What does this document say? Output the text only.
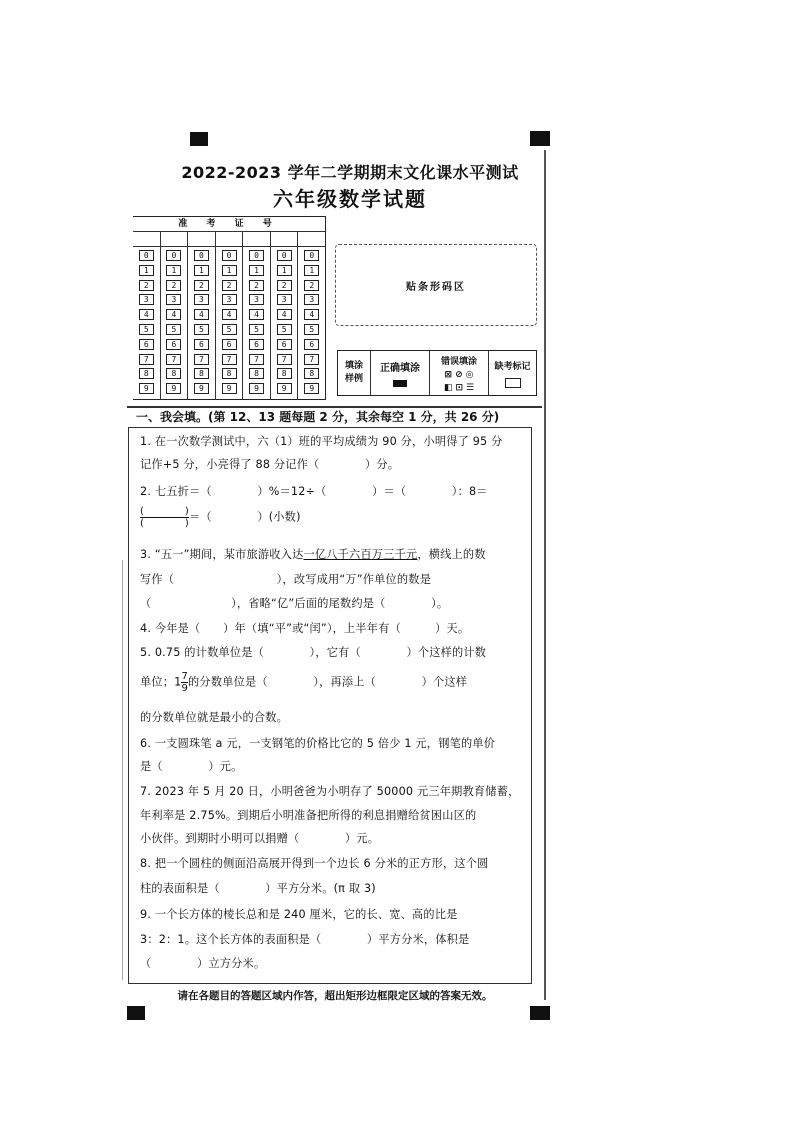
2022-2023 学年二学期期末文化课水平测试
六年级数学试题
准 考 证 号
0
1
2
3
4
5
6
7
8
9
0
1
2
3
4
5
6
7
8
9
0
1
2
3
4
5
6
7
8
9
0
1
2
3
4
5
6
7
8
9
0
1
2
3
4
5
6
7
8
9
0
1
2
3
4
5
6
7
8
9
0
1
2
3
4
5
6
7
8
9
贴条形码区
填涂样例
正确填涂
错误填涂
⊠ ⊘ ◎
◧ ⊡ ☰
缺考标记
一、我会填。(第 12、13 题每题 2 分，其余每空 1 分，共 26 分)
1. 在一次数学测试中，六（1）班的平均成绩为 90 分，小明得了 95 分
记作+5 分，小亮得了 88 分记作（　　　　）分。
2. 七五折＝（　　　　）%＝12÷（　　　　）＝（　　　　）：8＝
$\frac{( )}{( )}$ ＝（　　　　）(小数)
3. “五一”期间，某市旅游收入达一亿八千六百万三千元，横线上的数
写作（　　　　　　　　　），改写成用“万”作单位的数是
（　　　　　　　），省略“亿”后面的尾数约是（　　　　）。
4. 今年是（　　）年（填“平”或“闰”），上半年有（　　　）天。
5. 0.75 的计数单位是（　　　　），它有（　　　　）个这样的计数
单位；$1 \frac{7}{9}$ 的分数单位是（　　　　），再添上（　　　　）个这样
的分数单位就是最小的合数。
6. 一支圆珠笔 a 元，一支钢笔的价格比它的 5 倍少 1 元，钢笔的单价
是（　　　　）元。
7. 2023 年 5 月 20 日，小明爸爸为小明存了 50000 元三年期教育储蓄，
年利率是 2.75%。到期后小明准备把所得的利息捐赠给贫困山区的
小伙伴。到期时小明可以捐赠（　　　　）元。
8. 把一个圆柱的侧面沿高展开得到一个边长 6 分米的正方形，这个圆
柱的表面积是（　　　　）平方分米。(π 取 3)
9. 一个长方体的棱长总和是 240 厘米，它的长、宽、高的比是
3：2：1。这个长方体的表面积是（　　　　）平方分米，体积是
（　　　　）立方分米。
请在各题目的答题区域内作答，超出矩形边框限定区域的答案无效。
